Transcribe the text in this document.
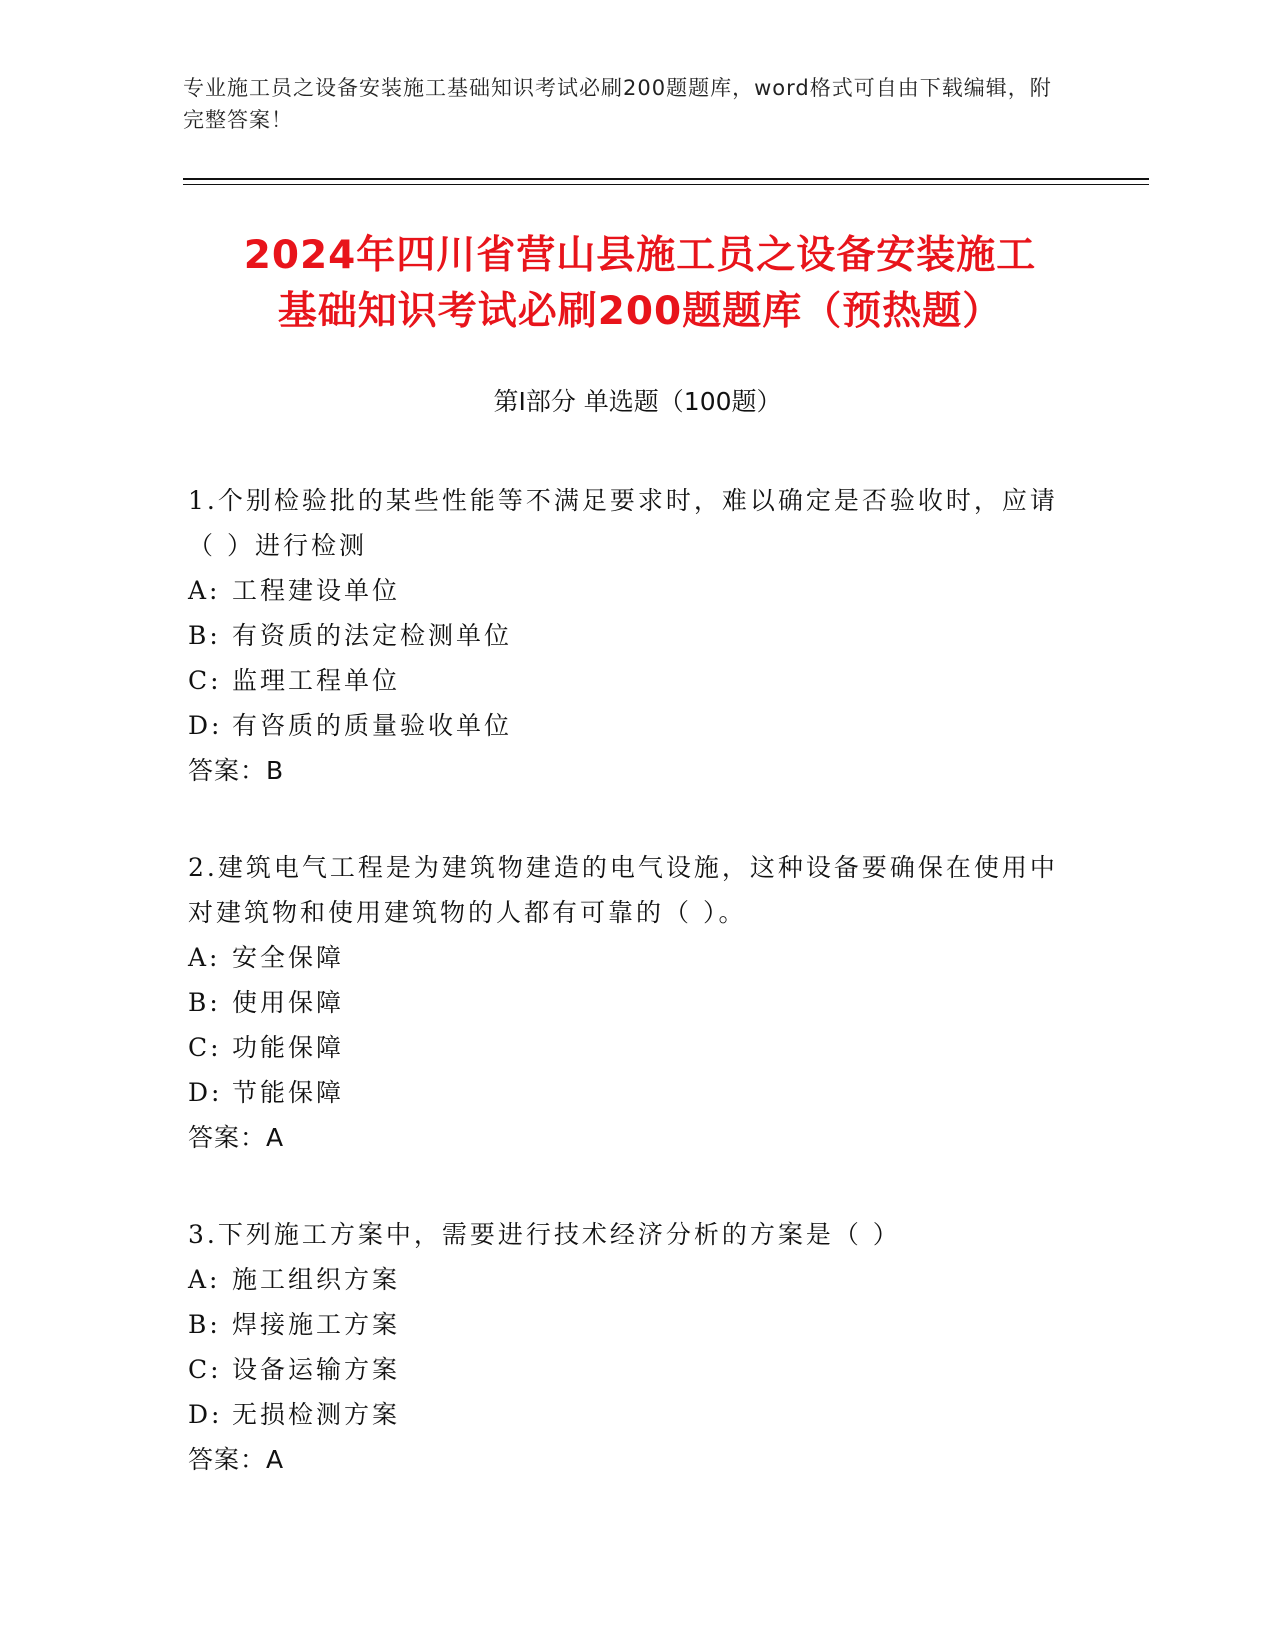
专业施工员之设备安装施工基础知识考试必刷200题题库，word格式可自由下载编辑，附完整答案！
2024年四川省营山县施工员之设备安装施工
基础知识考试必刷200题题库（预热题）
第Ⅰ部分 单选题（100题）
1.个别检验批的某些性能等不满足要求时，难以确定是否验收时，应请（ ）进行检测
A: 工程建设单位
B: 有资质的法定检测单位
C: 监理工程单位
D: 有咨质的质量验收单位
答案：B
2.建筑电气工程是为建筑物建造的电气设施，这种设备要确保在使用中对建筑物和使用建筑物的人都有可靠的（ ）。
A: 安全保障
B: 使用保障
C: 功能保障
D: 节能保障
答案：A
3.下列施工方案中，需要进行技术经济分析的方案是（ ）
A: 施工组织方案
B: 焊接施工方案
C: 设备运输方案
D: 无损检测方案
答案：A
